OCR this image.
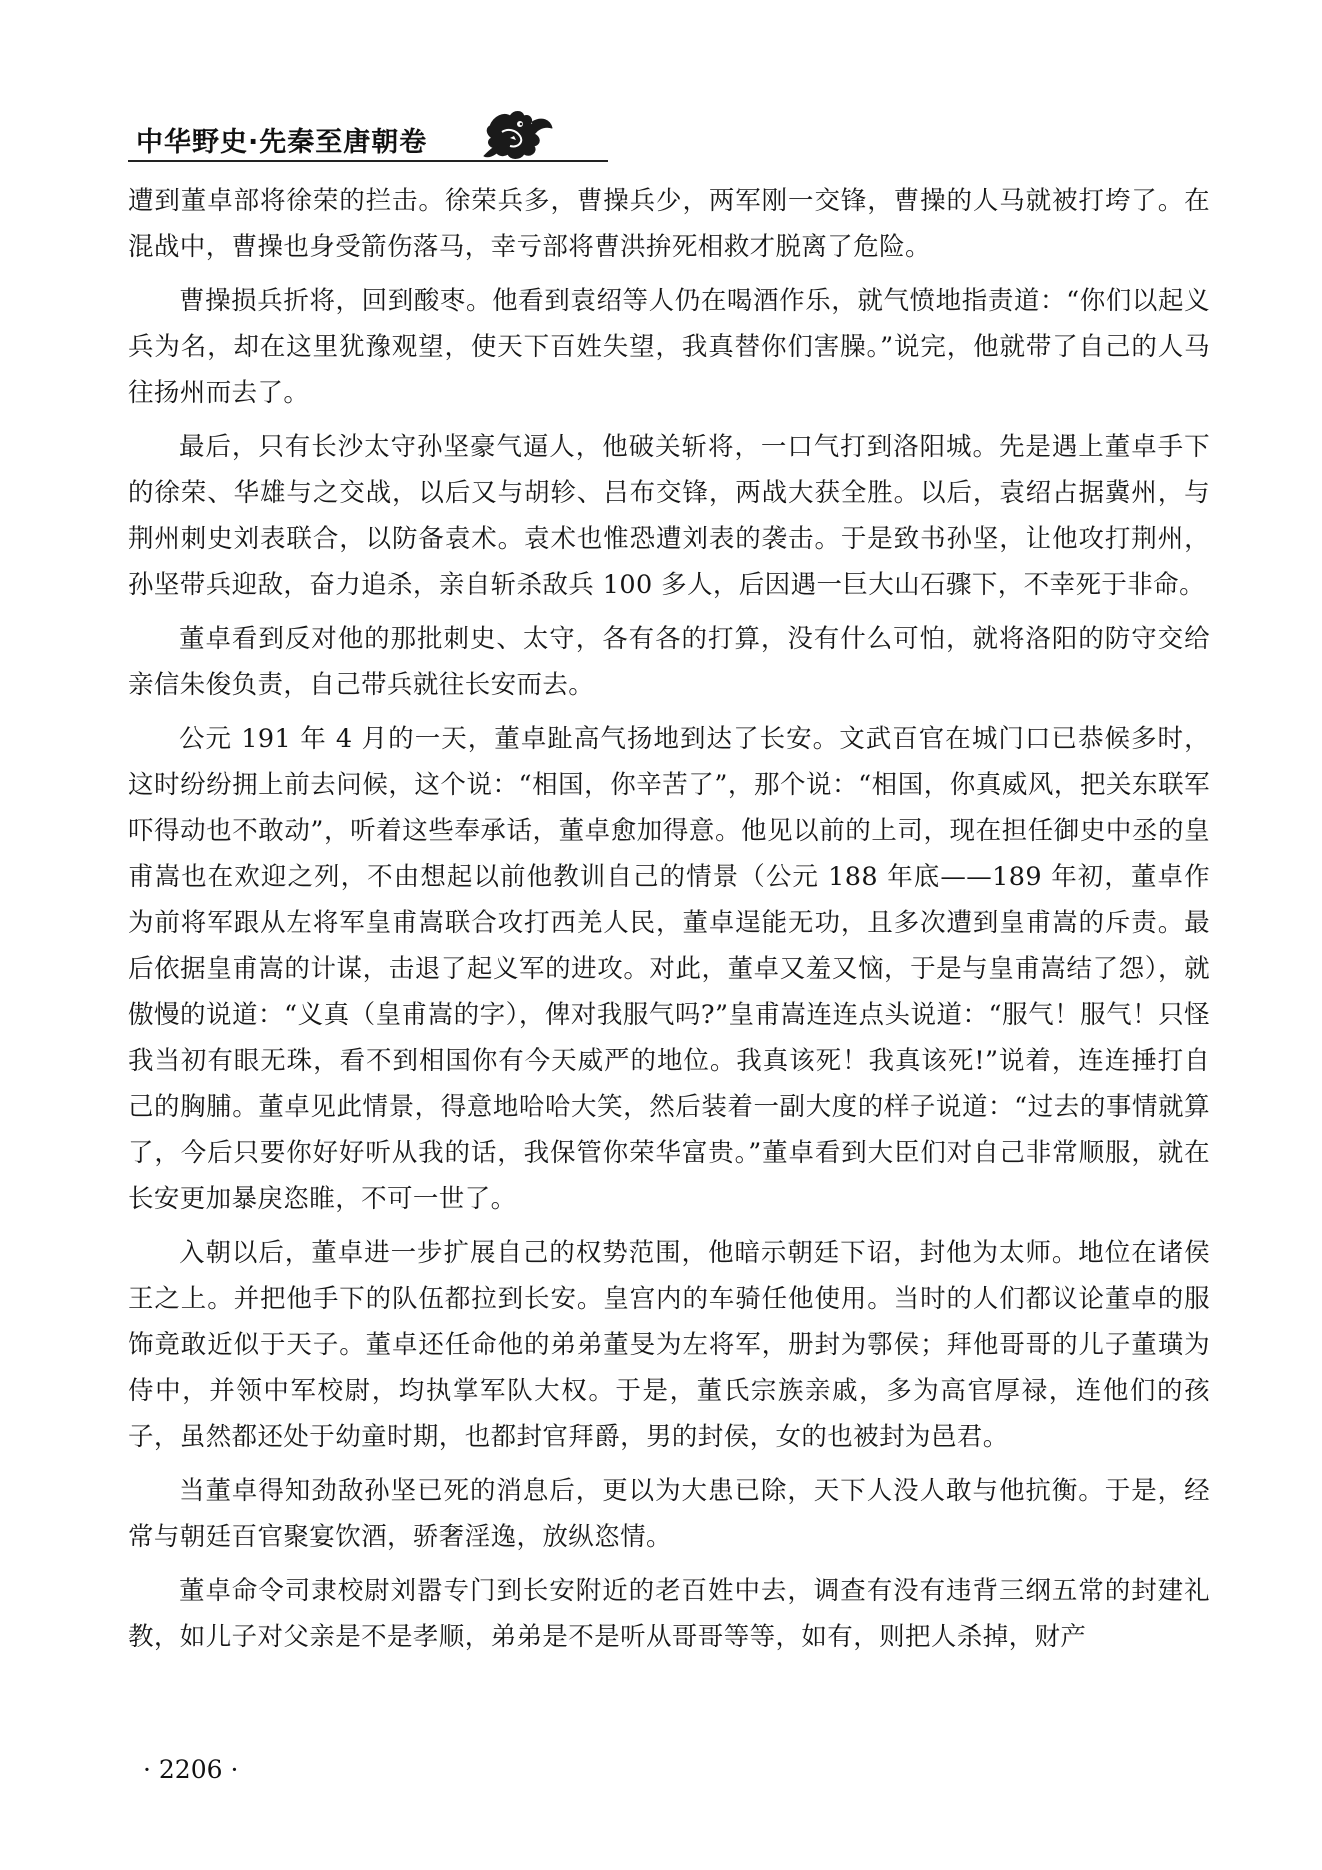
中华野史·先秦至唐朝卷

遭到董卓部将徐荣的拦击。徐荣兵多，曹操兵少，两军刚一交锋，曹操的人马就被打垮了。在混战中，曹操也身受箭伤落马，幸亏部将曹洪拚死相救才脱离了危险。

曹操损兵折将，回到酸枣。他看到袁绍等人仍在喝酒作乐，就气愤地指责道：“你们以起义兵为名，却在这里犹豫观望，使天下百姓失望，我真替你们害臊。”说完，他就带了自己的人马往扬州而去了。

最后，只有长沙太守孙坚豪气逼人，他破关斩将，一口气打到洛阳城。先是遇上董卓手下的徐荣、华雄与之交战，以后又与胡轸、吕布交锋，两战大获全胜。以后，袁绍占据冀州，与荆州刺史刘表联合，以防备袁术。袁术也惟恐遭刘表的袭击。于是致书孙坚，让他攻打荆州，孙坚带兵迎敌，奋力追杀，亲自斩杀敌兵 100 多人，后因遇一巨大山石骤下，不幸死于非命。

董卓看到反对他的那批刺史、太守，各有各的打算，没有什么可怕，就将洛阳的防守交给亲信朱俊负责，自己带兵就往长安而去。

公元 191 年 4 月的一天，董卓趾高气扬地到达了长安。文武百官在城门口已恭候多时，这时纷纷拥上前去问候，这个说：“相国，你辛苦了”，那个说：“相国，你真威风，把关东联军吓得动也不敢动”，听着这些奉承话，董卓愈加得意。他见以前的上司，现在担任御史中丞的皇甫嵩也在欢迎之列，不由想起以前他教训自己的情景（公元 188 年底——189 年初，董卓作为前将军跟从左将军皇甫嵩联合攻打西羌人民，董卓逞能无功，且多次遭到皇甫嵩的斥责。最后依据皇甫嵩的计谋，击退了起义军的进攻。对此，董卓又羞又恼，于是与皇甫嵩结了怨），就傲慢的说道：“义真（皇甫嵩的字），俾对我服气吗?”皇甫嵩连连点头说道：“服气！服气！只怪我当初有眼无珠，看不到相国你有今天威严的地位。我真该死！我真该死!”说着，连连捶打自己的胸脯。董卓见此情景，得意地哈哈大笑，然后装着一副大度的样子说道：“过去的事情就算了，今后只要你好好听从我的话，我保管你荣华富贵。”董卓看到大臣们对自己非常顺服，就在长安更加暴戾恣睢，不可一世了。

入朝以后，董卓进一步扩展自己的权势范围，他暗示朝廷下诏，封他为太师。地位在诸侯王之上。并把他手下的队伍都拉到长安。皇宫内的车骑任他使用。当时的人们都议论董卓的服饰竟敢近似于天子。董卓还任命他的弟弟董旻为左将军，册封为鄠侯；拜他哥哥的儿子董璜为侍中，并领中军校尉，均执掌军队大权。于是，董氏宗族亲戚，多为高官厚禄，连他们的孩子，虽然都还处于幼童时期，也都封官拜爵，男的封侯，女的也被封为邑君。

当董卓得知劲敌孙坚已死的消息后，更以为大患已除，天下人没人敢与他抗衡。于是，经常与朝廷百官聚宴饮酒，骄奢淫逸，放纵恣情。

董卓命令司隶校尉刘嚣专门到长安附近的老百姓中去，调查有没有违背三纲五常的封建礼教，如儿子对父亲是不是孝顺，弟弟是不是听从哥哥等等，如有，则把人杀掉，财产

· 2206 ·
